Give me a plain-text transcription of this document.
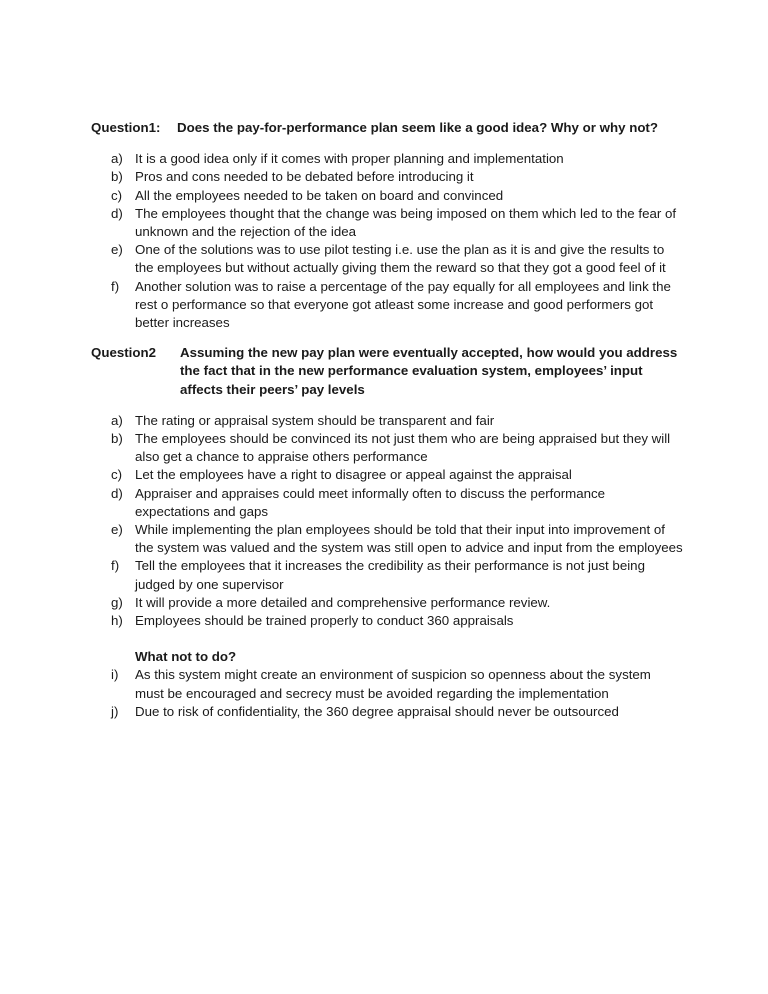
Question1: Does the pay-for-performance plan seem like a good idea? Why or why not?
a) It is a good idea only if it comes with proper planning and implementation
b) Pros and cons needed to be debated before introducing it
c) All the employees needed to be taken on board and convinced
d) The employees thought that the change was being imposed on them which led to the fear of unknown and the rejection of the idea
e) One of the solutions was to use pilot testing i.e. use the plan as it is and give the results to the employees but without actually giving them the reward so that they got a good feel of it
f) Another solution was to raise a percentage of the pay equally for all employees and link the rest o performance so that everyone got atleast some increase and good performers got better increases
Question2 Assuming the new pay plan were eventually accepted, how would you address the fact that in the new performance evaluation system, employees’ input affects their peers’ pay levels
a) The rating or appraisal system should be transparent and fair
b) The employees should be convinced its not just them who are being appraised but they will also get a chance to appraise others performance
c) Let the employees have a right to disagree or appeal against the appraisal
d) Appraiser and appraises could meet informally often to discuss the performance expectations and gaps
e) While implementing the plan employees should be told that their input into improvement of the system was valued and the system was still open to advice and input from the employees
f) Tell the employees that it increases the credibility as their performance is not just being judged by one supervisor
g) It will provide a more detailed and comprehensive performance review.
h) Employees should be trained properly to conduct 360 appraisals
What not to do?
i) As this system might create an environment of suspicion so openness about the system must be encouraged and secrecy must be avoided regarding the implementation
j) Due to risk of confidentiality, the 360 degree appraisal should never be outsourced
